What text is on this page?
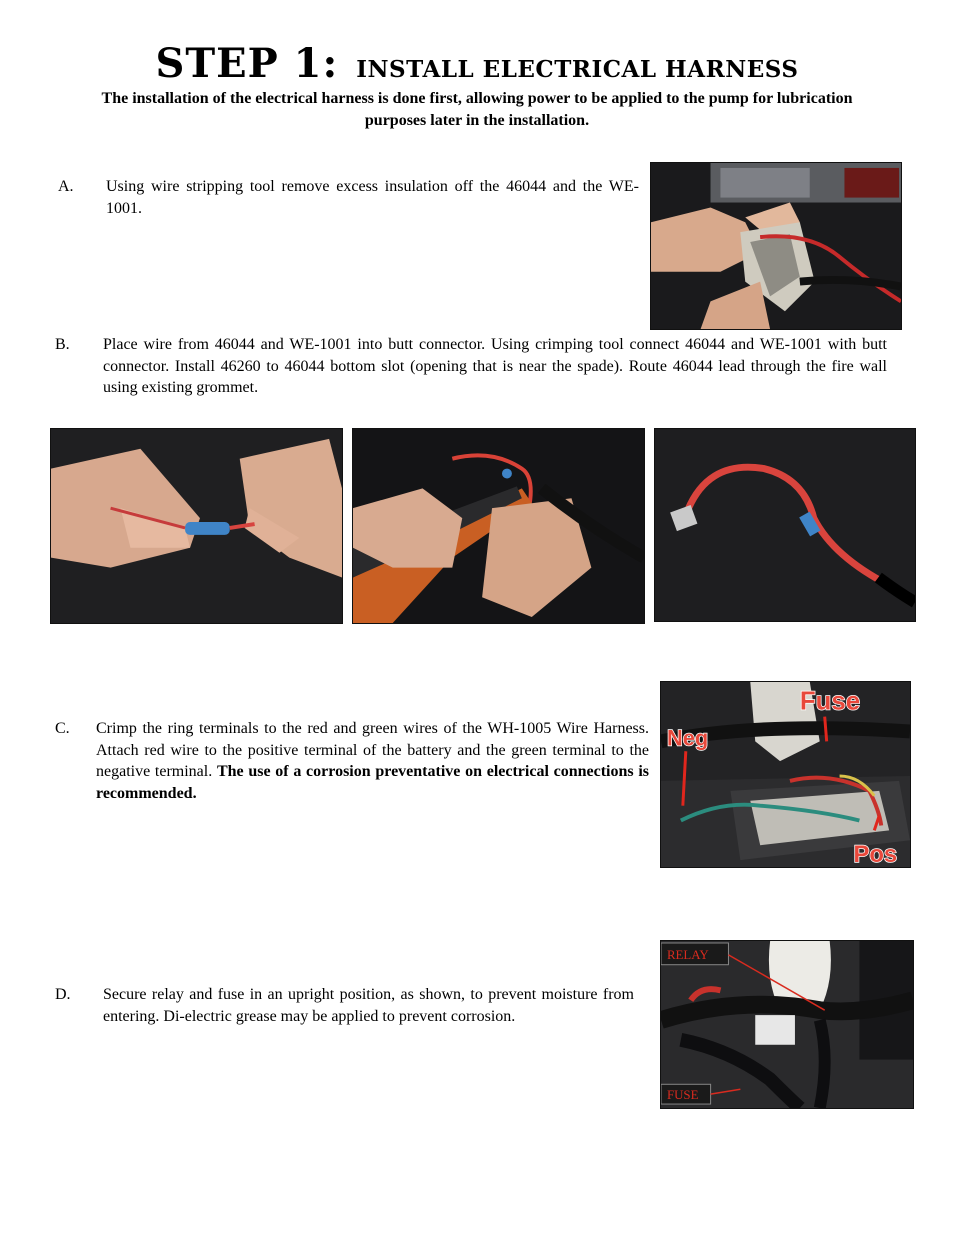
STEP 1: INSTALL ELECTRICAL HARNESS
The installation of the electrical harness is done first, allowing power to be applied to the pump for lubrication purposes later in the installation.
A. Using wire stripping tool remove excess insulation off the 46044 and the WE-1001.
B. Place wire from 46044 and WE-1001 into butt connector. Using crimping tool connect 46044 and WE-1001 with butt connector. Install 46260 to 46044 bottom slot (opening that is near the spade). Route 46044 lead through the fire wall using existing grommet.
C. Crimp the ring terminals to the red and green wires of the WH-1005 Wire Harness. Attach red wire to the positive terminal of the battery and the green terminal to the negative terminal. The use of a corrosion preventative on electrical connections is recommended.
Fuse
Neg
Pos
D. Secure relay and fuse in an upright position, as shown, to prevent moisture from entering. Di-electric grease may be applied to prevent corrosion.
RELAY
FUSE
